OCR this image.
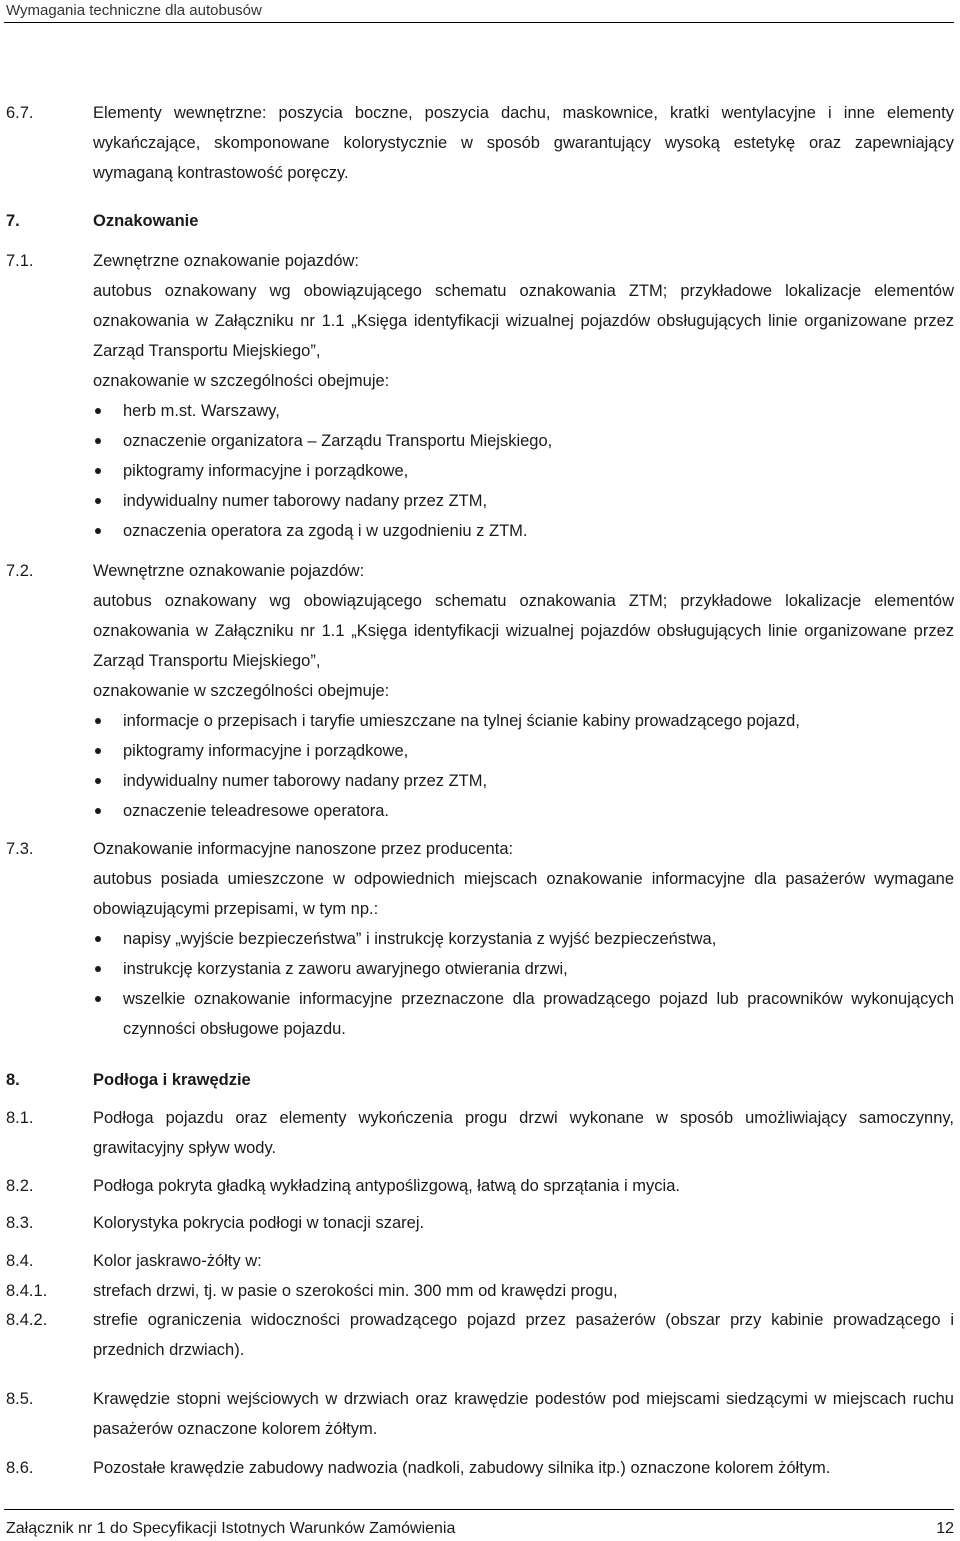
Wymagania techniczne dla autobusów
6.7.	Elementy wewnętrzne: poszycia boczne, poszycia dachu, maskownice, kratki wentylacyjne i inne elementy wykańczające, skomponowane kolorystycznie w sposób gwarantujący wysoką estetykę oraz zapewniający wymaganą kontrastowość poręczy.
7.	Oznakowanie
7.1.	Zewnętrzne oznakowanie pojazdów:
autobus oznakowany wg obowiązującego schematu oznakowania ZTM; przykładowe lokalizacje elementów oznakowania w Załączniku nr 1.1 „Księga identyfikacji wizualnej pojazdów obsługujących linie organizowane przez Zarząd Transportu Miejskiego”,
oznakowanie w szczególności obejmuje:
herb m.st. Warszawy,
oznaczenie organizatora – Zarządu Transportu Miejskiego,
piktogramy informacyjne i porządkowe,
indywidualny numer taborowy nadany przez ZTM,
oznaczenia operatora za zgodą i w uzgodnieniu z ZTM.
7.2.	Wewnętrzne oznakowanie pojazdów:
autobus oznakowany wg obowiązującego schematu oznakowania ZTM; przykładowe lokalizacje elementów oznakowania w Załączniku nr 1.1 „Księga identyfikacji wizualnej pojazdów obsługujących linie organizowane przez Zarząd Transportu Miejskiego”,
oznakowanie w szczególności obejmuje:
informacje o przepisach i taryfie umieszczane na tylnej ścianie kabiny prowadzącego pojazd,
piktogramy informacyjne i porządkowe,
indywidualny numer taborowy nadany przez ZTM,
oznaczenie teleadresowe operatora.
7.3.	Oznakowanie informacyjne nanoszone przez producenta:
autobus posiada umieszczone w odpowiednich miejscach oznakowanie informacyjne dla pasażerów wymagane obowiązującymi przepisami, w tym np.:
napisy „wyjście bezpieczeństwa” i instrukcję korzystania z wyjść bezpieczeństwa,
instrukcję korzystania z zaworu awaryjnego otwierania drzwi,
wszelkie oznakowanie informacyjne przeznaczone dla prowadzącego pojazd lub pracowników wykonujących czynności obsługowe pojazdu.
8.	Podłoga i krawędzie
8.1.	Podłoga pojazdu oraz elementy wykończenia progu drzwi wykonane w sposób umożliwiający samoczynny, grawitacyjny spływ wody.
8.2.	Podłoga pokryta gładką wykładziną antypoślizgową, łatwą do sprzątania i mycia.
8.3.	Kolorystyka pokrycia podłogi w tonacji szarej.
8.4.	Kolor jaskrawo-żółty w:
8.4.1.	strefach drzwi, tj. w pasie o szerokości min. 300 mm od krawędzi progu,
8.4.2.	strefie ograniczenia widoczności prowadzącego pojazd przez pasażerów (obszar przy kabinie prowadzącego i przednich drzwiach).
8.5.	Krawędzie stopni wejściowych w drzwiach oraz krawędzie podestów pod miejscami siedzącymi w miejscach ruchu pasażerów oznaczone kolorem żółtym.
8.6.	Pozostałe krawędzie zabudowy nadwozia (nadkoli, zabudowy silnika itp.) oznaczone kolorem żółtym.
Załącznik nr 1 do Specyfikacji Istotnych Warunków Zamówienia	12
